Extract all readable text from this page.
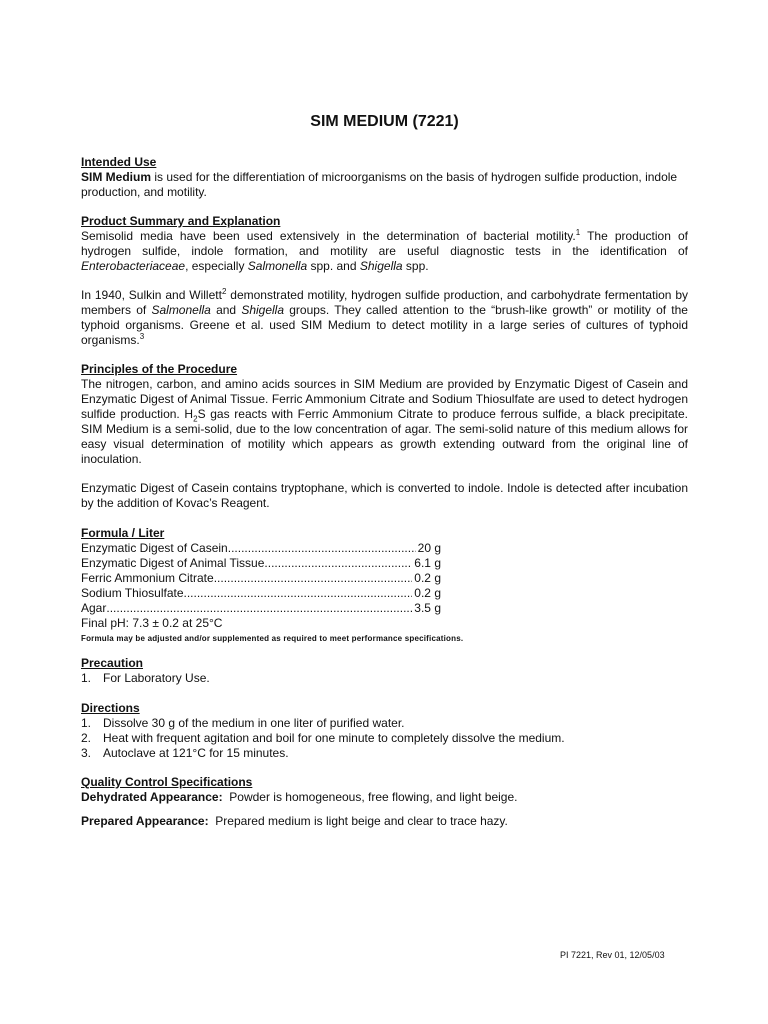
SIM MEDIUM (7221)
Intended Use
SIM Medium is used for the differentiation of microorganisms on the basis of hydrogen sulfide production, indole production, and motility.
Product Summary and Explanation
Semisolid media have been used extensively in the determination of bacterial motility.$^1$ The production of hydrogen sulfide, indole formation, and motility are useful diagnostic tests in the identification of Enterobacteriaceae, especially Salmonella spp. and Shigella spp.
In 1940, Sulkin and Willett$^2$ demonstrated motility, hydrogen sulfide production, and carbohydrate fermentation by members of Salmonella and Shigella groups. They called attention to the “brush-like growth” or motility of the typhoid organisms. Greene et al. used SIM Medium to detect motility in a large series of cultures of typhoid organisms.$^3$
Principles of the Procedure
The nitrogen, carbon, and amino acids sources in SIM Medium are provided by Enzymatic Digest of Casein and Enzymatic Digest of Animal Tissue. Ferric Ammonium Citrate and Sodium Thiosulfate are used to detect hydrogen sulfide production. $H_2S$ gas reacts with Ferric Ammonium Citrate to produce ferrous sulfide, a black precipitate. SIM Medium is a semi-solid, due to the low concentration of agar. The semi-solid nature of this medium allows for easy visual determination of motility which appears as growth extending outward from the original line of inoculation.
Enzymatic Digest of Casein contains tryptophane, which is converted to indole. Indole is detected after incubation by the addition of Kovac’s Reagent.
Formula / Liter
Enzymatic Digest of Casein .....	20 g
Enzymatic Digest of Animal Tissue .....	6.1 g
Ferric Ammonium Citrate .....	0.2 g
Sodium Thiosulfate .....	0.2 g
Agar .....	3.5 g
Final pH: 7.3 ± 0.2 at 25°C
Formula may be adjusted and/or supplemented as required to meet performance specifications.
Precaution
1. For Laboratory Use.
Directions
1. Dissolve 30 g of the medium in one liter of purified water.
2. Heat with frequent agitation and boil for one minute to completely dissolve the medium.
3. Autoclave at 121°C for 15 minutes.
Quality Control Specifications
Dehydrated Appearance:  Powder is homogeneous, free flowing, and light beige.
Prepared Appearance:  Prepared medium is light beige and clear to trace hazy.
PI 7221, Rev 01, 12/05/03
